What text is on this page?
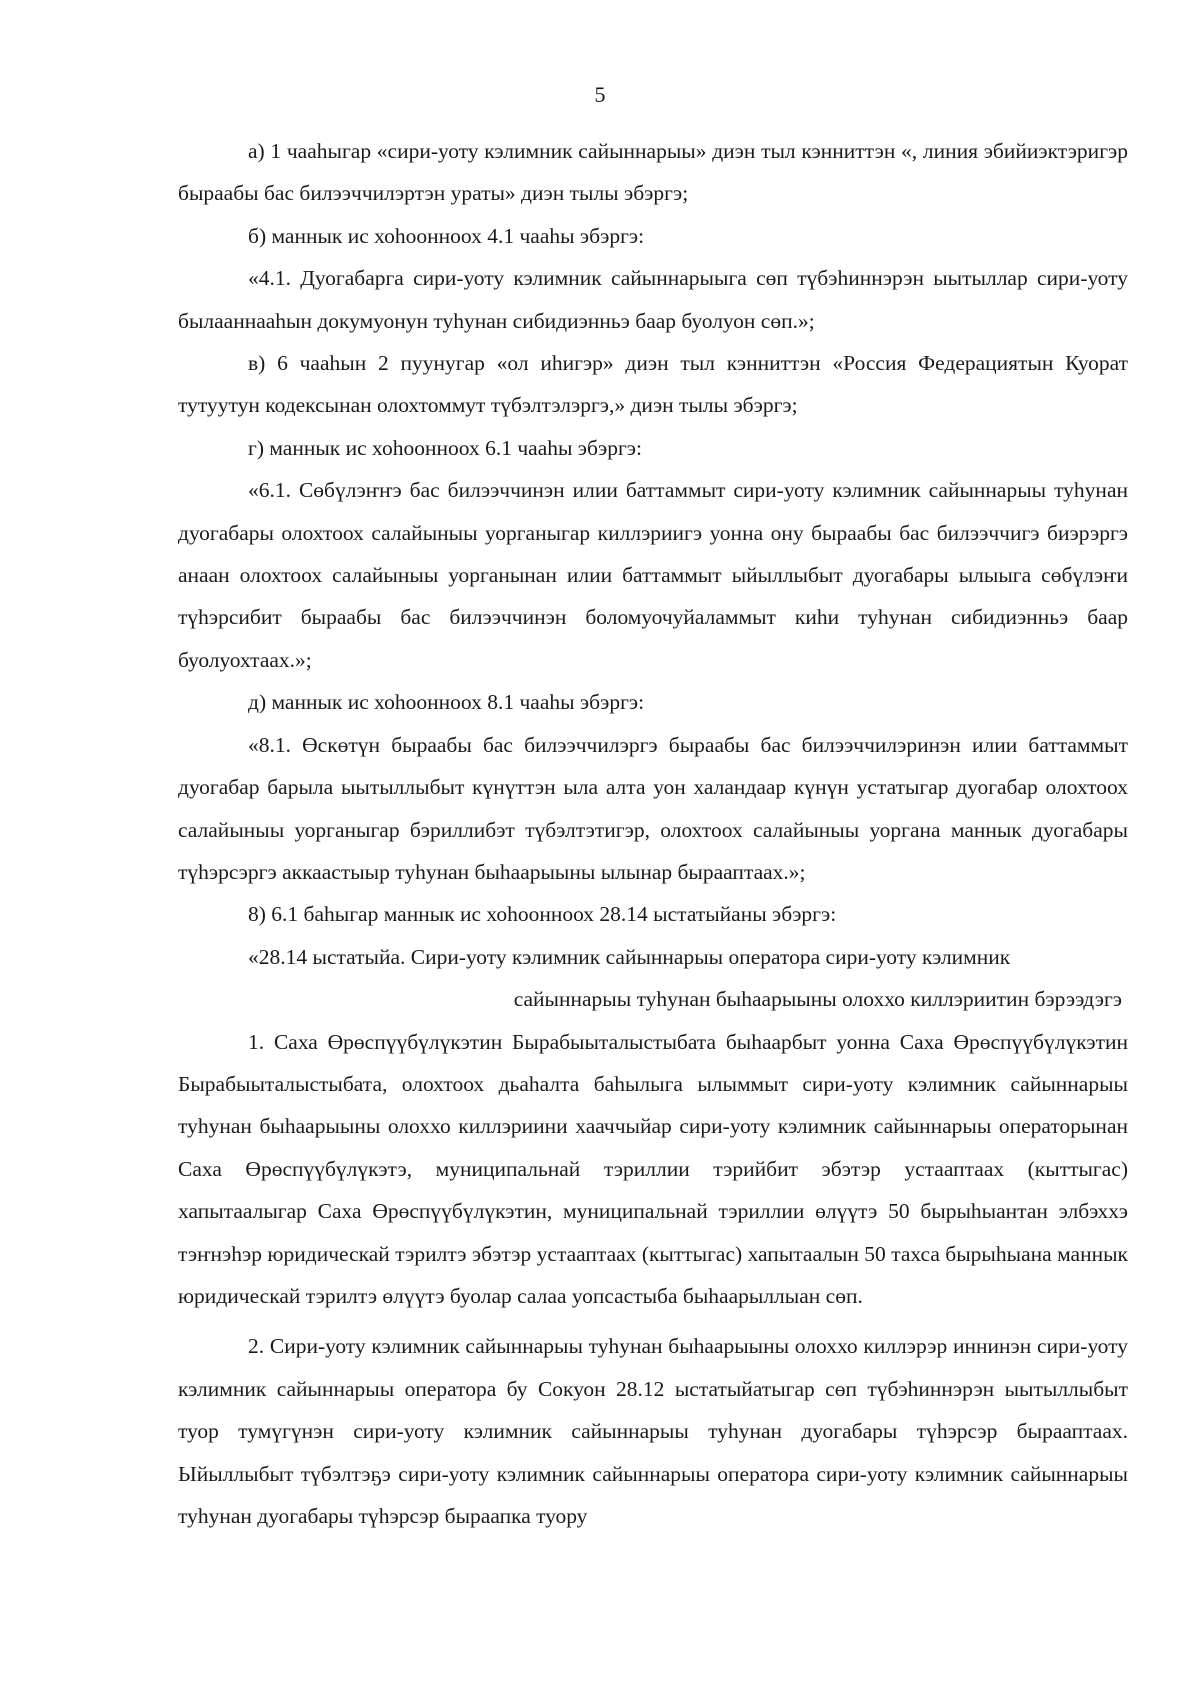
5

а) 1 чааһыгар «сири-уоту кэлимник сайыннарыы» диэн тыл кэнниттэн «, линия эбийиэктэригэр быраабы бас билээччилэртэн ураты» диэн тылы эбэргэ;

б) маннык ис хоһоонноох 4.1 чааһы эбэргэ:

«4.1. Дуогабарга сири-уоту кэлимник сайыннарыыга сөп түбэһиннэрэн ыытыллар сири-уоту былааннааһын докумуонун туһунан сибидиэнньэ баар буолуон сөп.»;

в) 6 чааһын 2 пуунугар «ол иһигэр» диэн тыл кэнниттэн «Россия Федерациятын Куорат тутуутун кодексынан олохтоммут түбэлтэлэргэ,» диэн тылы эбэргэ;

г) маннык ис хоһоонноох 6.1 чааһы эбэргэ:

«6.1. Сөбүлэҥҥэ бас билээччинэн илии баттаммыт сири-уоту кэлимник сайыннарыы туһунан дуогабары олохтоох салайыныы уорганыгар киллэриигэ уонна ону быраабы бас билээччигэ биэрэргэ анаан олохтоох салайыныы уорганынан илии баттаммыт ыйыллыбыт дуогабары ылыыга сөбүлэҥи түһэрсибит быраабы бас билээччинэн боломуочуйаламмыт киһи туһунан сибидиэнньэ баар буолуохтаах.»;

д) маннык ис хоһоонноох 8.1 чааһы эбэргэ:

«8.1. Өскөтүн быраабы бас билээччилэргэ быраабы бас билээччилэринэн илии баттаммыт дуогабар барыла ыытыллыбыт күнүттэн ыла алта уон халандаар күнүн устатыгар дуогабар олохтоох салайыныы уорганыгар бэриллибэт түбэлтэтигэр, олохтоох салайыныы уоргана маннык дуогабары түһэрсэргэ аккаастыыр туһунан быһаарыыны ылынар бырааптаах.»;

8) 6.1 баһыгар маннык ис хоһоонноох 28.14 ыстатыйаны эбэргэ:

«28.14 ыстатыйа. Сири-уоту кэлимник сайыннарыы оператора сири-уоту кэлимник
сайыннарыы туһунан быһаарыыны олоххо киллэриитин бэрээдэгэ

1. Саха Өрөспүүбүлүкэтин Бырабыыталыстыбата быһаарбыт уонна Саха Өрөспүүбүлүкэтин Бырабыыталыстыбата, олохтоох дьаһалта баһылыга ылыммыт сири-уоту кэлимник сайыннарыы туһунан быһаарыыны олоххо киллэриини хааччыйар сири-уоту кэлимник сайыннарыы операторынан Саха Өрөспүүбүлүкэтэ, муниципальнай тэриллии тэрийбит эбэтэр устааптаах (кыттыгас) хапытаалыгар Саха Өрөспүүбүлүкэтин, муниципальнай тэриллии өлүүтэ 50 бырыһыантан элбэххэ тэҥнэһэр юридическай тэрилтэ эбэтэр устааптаах (кыттыгас) хапытаалын 50 тахса бырыһыана маннык юридическай тэрилтэ өлүүтэ буолар салаа уопсастыба быһаарыллыан сөп.

2. Сири-уоту кэлимник сайыннарыы туһунан быһаарыыны олоххо киллэрэр иннинэн сири-уоту кэлимник сайыннарыы оператора бу Сокуон 28.12 ыстатыйатыгар сөп түбэһиннэрэн ыытыллыбыт туор тумүгүнэн сири-уоту кэлимник сайыннарыы туһунан дуогабары түһэрсэр бырааптаах. Ыйыллыбыт түбэлтэҕэ сири-уоту кэлимник сайыннарыы оператора сири-уоту кэлимник сайыннарыы туһунан дуогабары түһэрсэр быраапка туору
